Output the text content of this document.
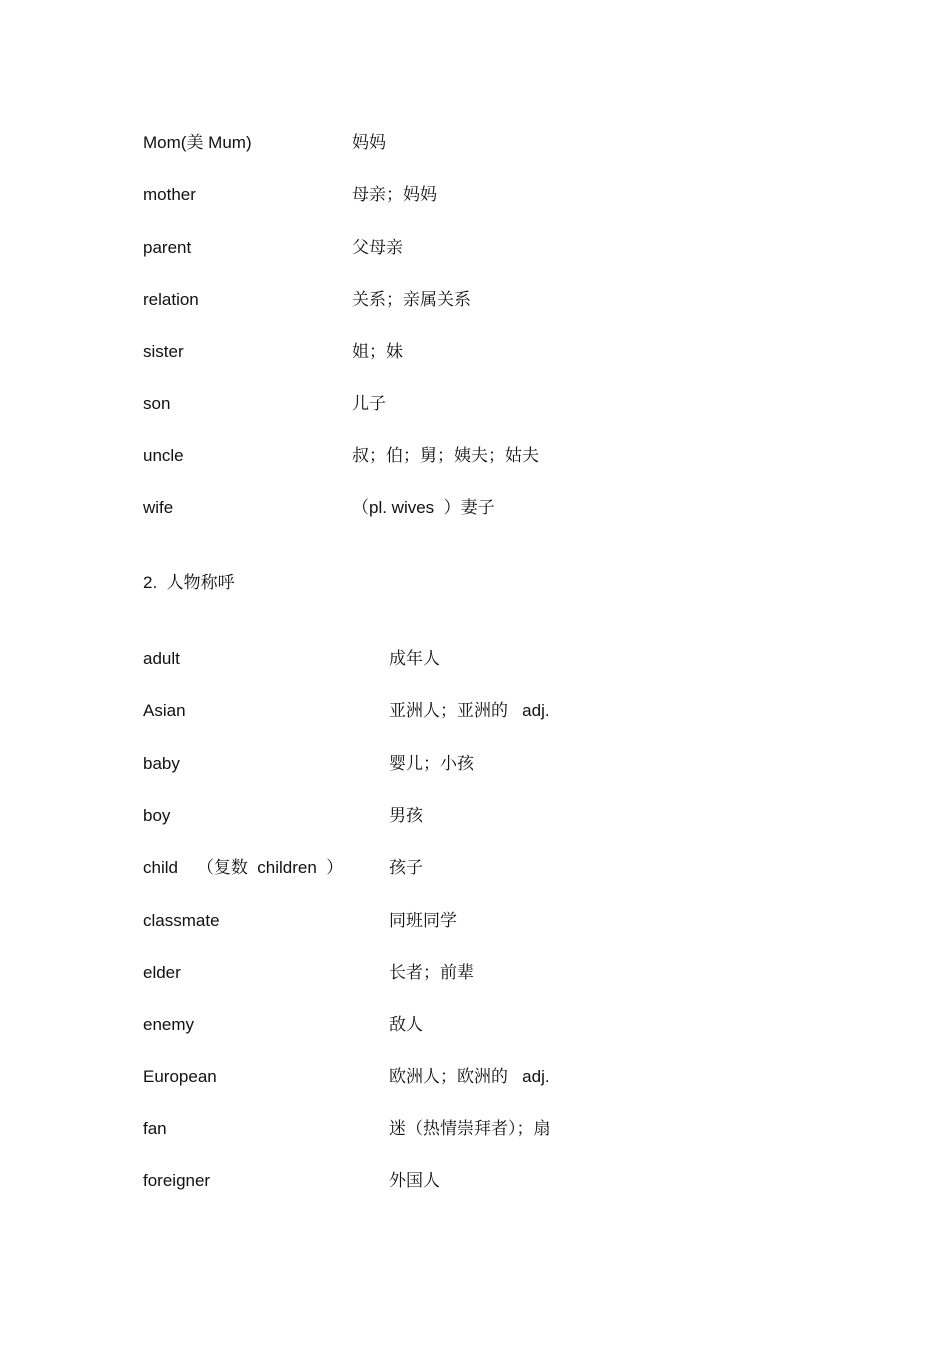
Mom(美 Mum)	妈妈
mother	母亲；妈妈
parent	父母亲
relation	关系；亲属关系
sister	姐；妹
son	儿子
uncle	叔；伯；舅；姨夫；姑夫
wife	（pl. wives  ）妻子
2.  人物称呼
adult	成年人
Asian	亚洲人；亚洲的   adj.
baby	婴儿；小孩
boy	男孩
child    （复数  children  ）	孩子
classmate	同班同学
elder	长者；前辈
enemy	敌人
European	欧洲人；欧洲的   adj.
fan	迷（热情崇拜者）；扇
foreigner	外国人
